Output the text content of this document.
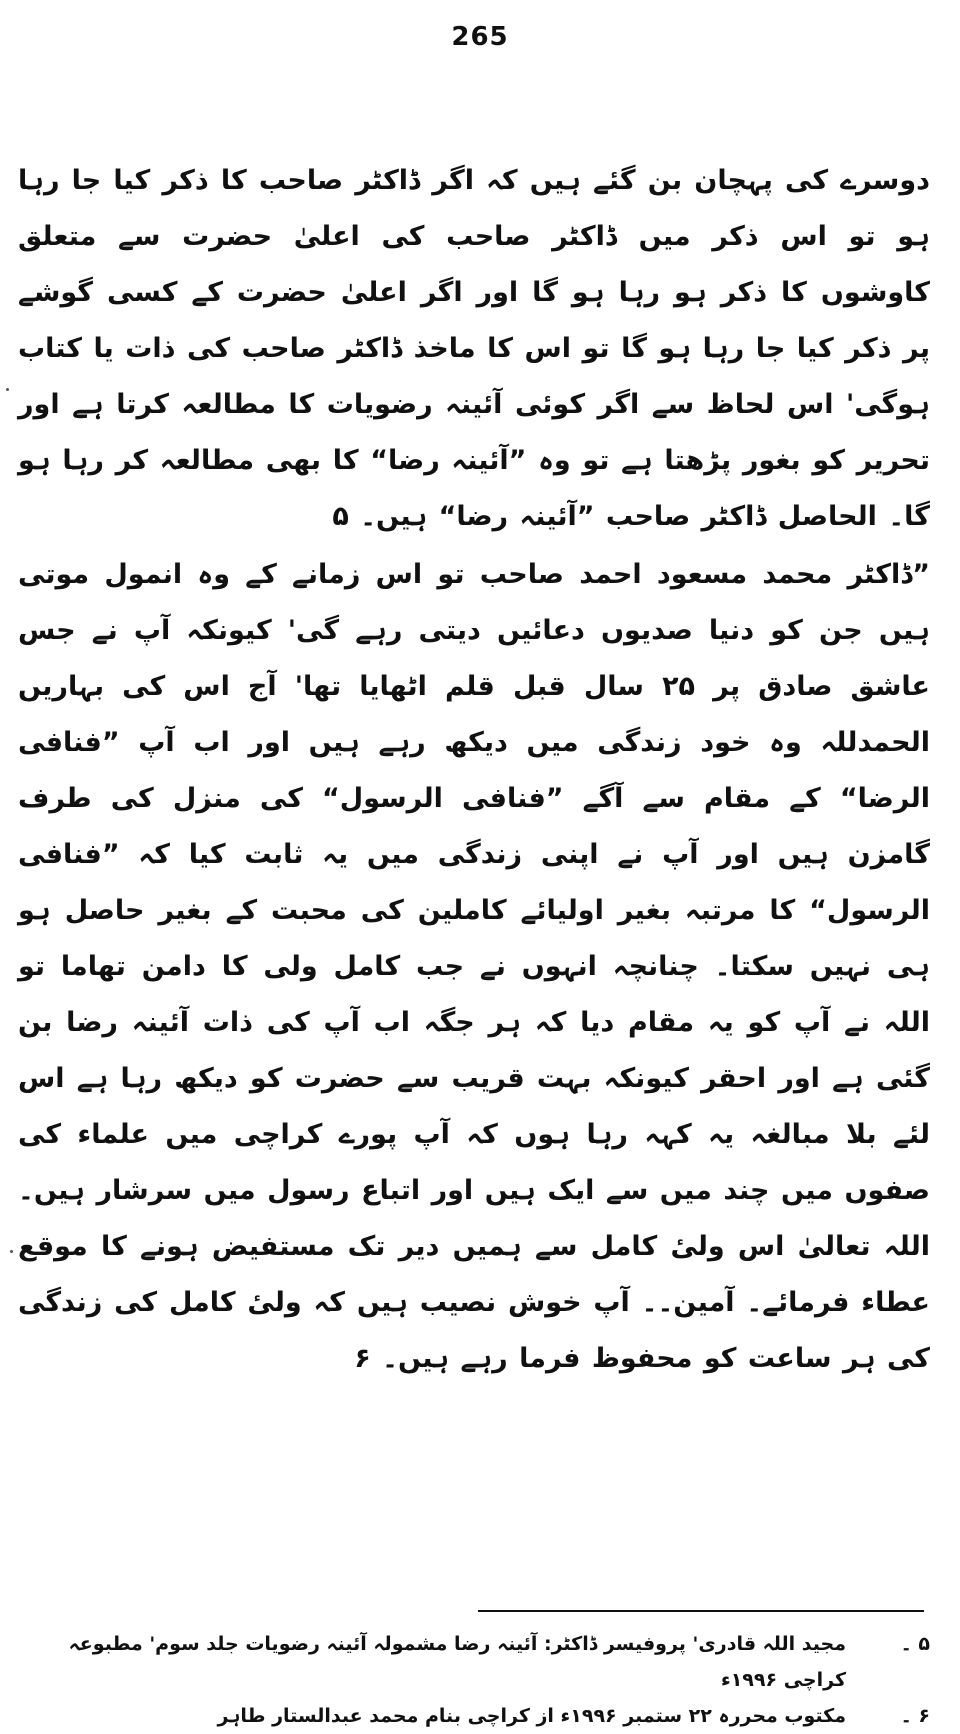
265

دوسرے کی پہچان بن گئے ہیں کہ اگر ڈاکٹر صاحب کا ذکر کیا جا رہا ہو تو اس ذکر میں ڈاکٹر صاحب کی اعلیٰ حضرت سے متعلق کاوشوں کا ذکر ہو رہا ہو گا اور اگر اعلیٰ حضرت کے کسی گوشے پر ذکر کیا جا رہا ہو گا تو اس کا ماخذ ڈاکٹر صاحب کی ذات یا کتاب ہوگی' اس لحاظ سے اگر کوئی آئینہ رضویات کا مطالعہ کرتا ہے اور تحریر کو بغور پڑھتا ہے تو وہ ”آئینہ رضا“ کا بھی مطالعہ کر رہا ہو گا۔ الحاصل ڈاکٹر صاحب ”آئینہ رضا“ ہیں۔ ۵

”ڈاکٹر محمد مسعود احمد صاحب تو اس زمانے کے وہ انمول موتی ہیں جن کو دنیا صدیوں دعائیں دیتی رہے گی' کیونکہ آپ نے جس عاشق صادق پر ۲۵ سال قبل قلم اٹھایا تھا' آج اس کی بہاریں الحمدللہ وہ خود زندگی میں دیکھ رہے ہیں اور اب آپ ”فنافی الرضا“ کے مقام سے آگے ”فنافی الرسول“ کی منزل کی طرف گامزن ہیں اور آپ نے اپنی زندگی میں یہ ثابت کیا کہ ”فنافی الرسول“ کا مرتبہ بغیر اولیائے کاملین کی محبت کے بغیر حاصل ہو ہی نہیں سکتا۔ چنانچہ انہوں نے جب کامل ولی کا دامن تھاما تو اللہ نے آپ کو یہ مقام دیا کہ ہر جگہ اب آپ کی ذات آئینہ رضا بن گئی ہے اور احقر کیونکہ بہت قریب سے حضرت کو دیکھ رہا ہے اس لئے بلا مبالغہ یہ کہہ رہا ہوں کہ آپ پورے کراچی میں علماء کی صفوں میں چند میں سے ایک ہیں اور اتباع رسول میں سرشار ہیں۔ اللہ تعالیٰ اس ولیٔ کامل سے ہمیں دیر تک مستفیض ہونے کا موقع عطاء فرمائے۔ آمین۔۔ آپ خوش نصیب ہیں کہ ولیٔ کامل کی زندگی کی ہر ساعت کو محفوظ فرما رہے ہیں۔ ۶

۵ ۔
مجید اللہ قادری' پروفیسر ڈاکٹر: آئینہ رضا مشمولہ آئینہ رضویات جلد سوم' مطبوعہ کراچی ۱۹۹۶ء
۶ ۔
مکتوب محررہ ۲۲ ستمبر ۱۹۹۶ء از کراچی بنام محمد عبدالستار طاہر
